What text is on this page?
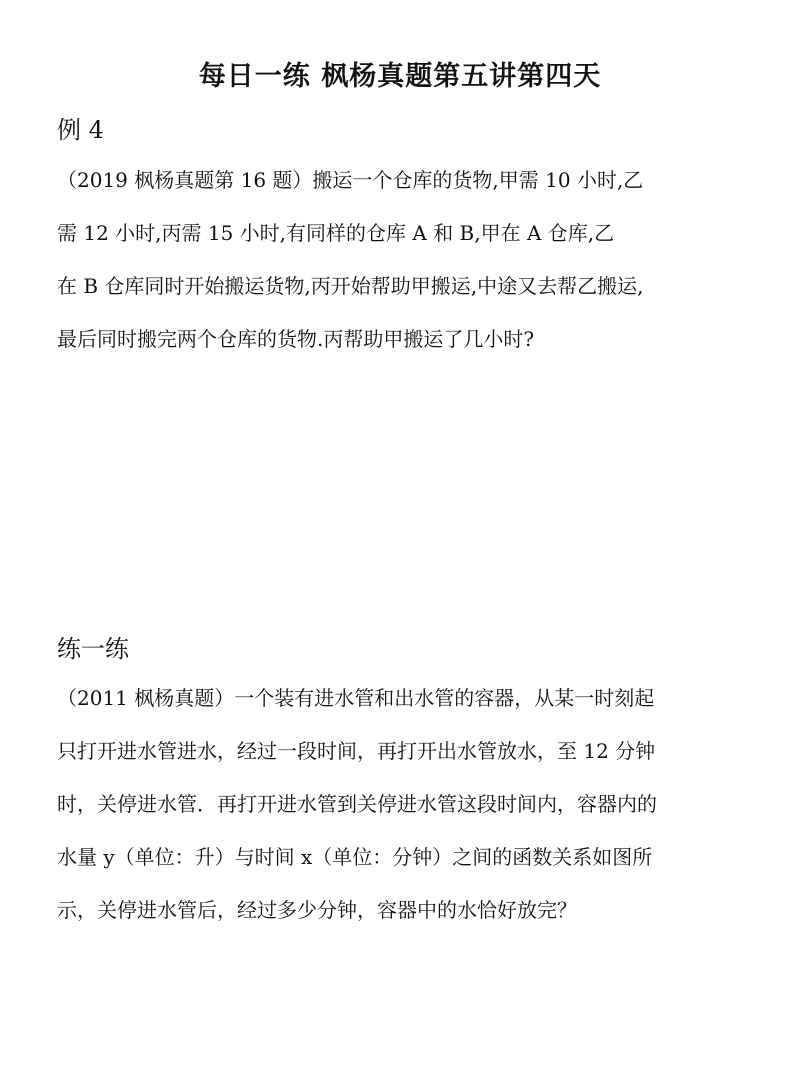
每日一练 枫杨真题第五讲第四天
例 4
（2019 枫杨真题第 16 题）搬运一个仓库的货物,甲需 10 小时,乙
需 12 小时,丙需 15 小时,有同样的仓库 A 和 B,甲在 A 仓库,乙
在 B 仓库同时开始搬运货物,丙开始帮助甲搬运,中途又去帮乙搬运,
最后同时搬完两个仓库的货物.丙帮助甲搬运了几小时?
练一练
（2011 枫杨真题）一个装有进水管和出水管的容器，从某一时刻起
只打开进水管进水，经过一段时间，再打开出水管放水，至 12 分钟
时，关停进水管．再打开进水管到关停进水管这段时间内，容器内的
水量 y（单位：升）与时间 x（单位：分钟）之间的函数关系如图所
示，关停进水管后，经过多少分钟，容器中的水恰好放完？
